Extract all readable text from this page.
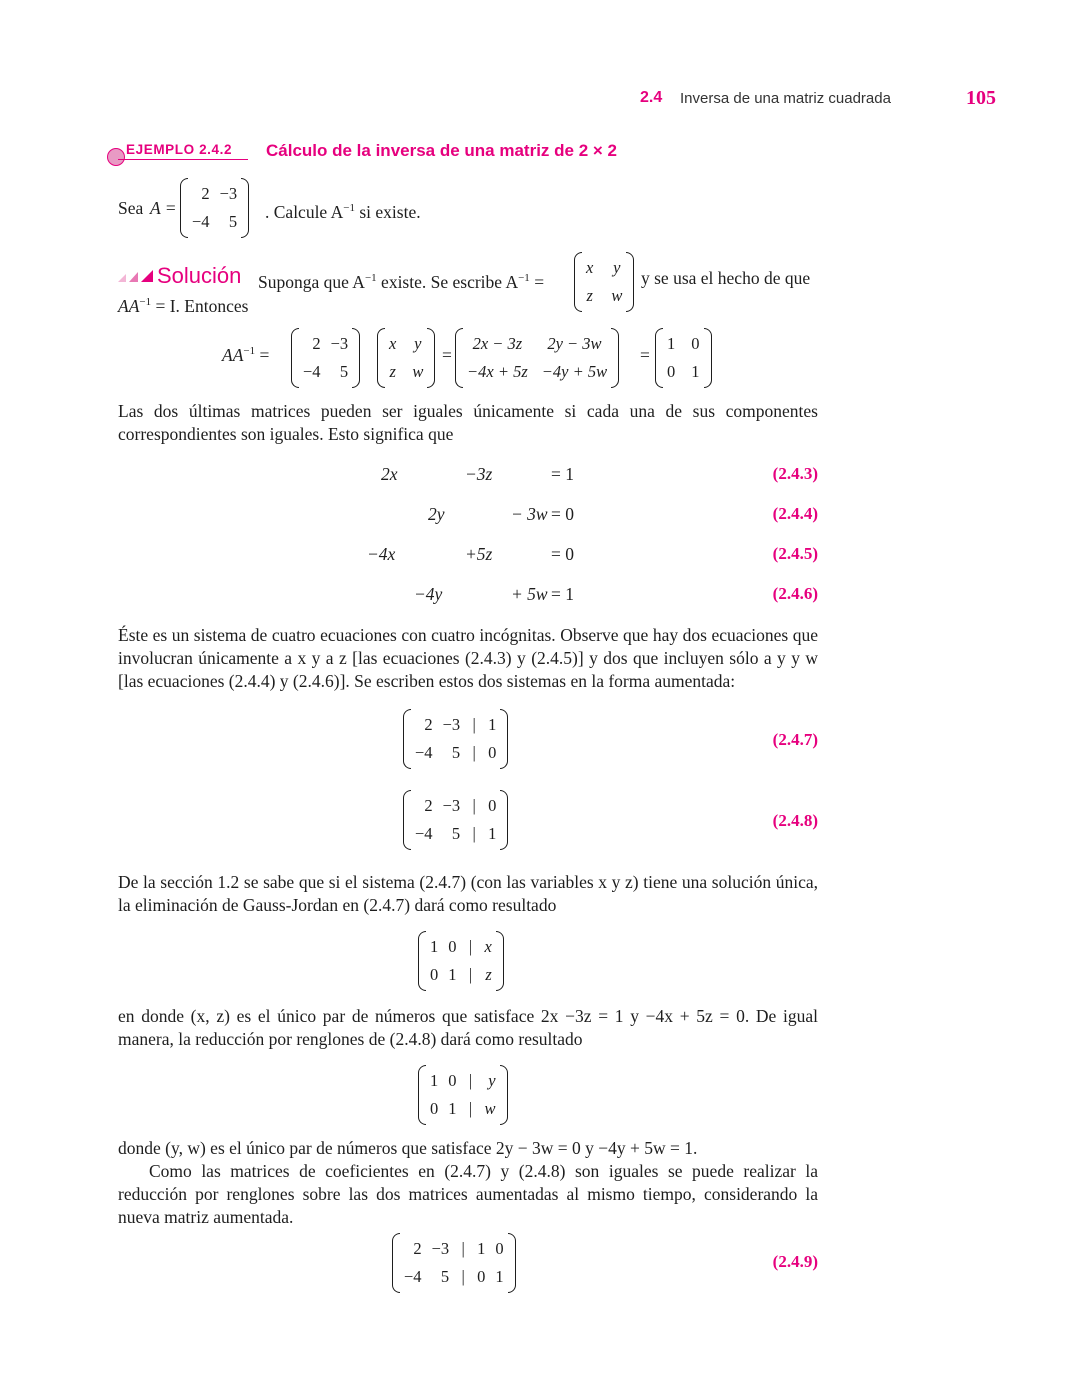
2.4 Inversa de una matriz cuadrada	105
EJEMPLO 2.4.2 Cálculo de la inversa de una matriz de 2 × 2
Sea A =
2 −3
−4	5 . Calcule $A^{-1}$ si existe.
Solución Suponga que $A^{-1}$ existe. Se escribe $A^{-1}$ =
x y
z w
y se usa el hecho de que
$AA^{-1} = I$. Entonces
$AA^{-1}$ =
2 −3
−4	5
x y
z w
=
2x − 3z	2y − 3w
−4x + 5z −4y + 5w
=
1 0
0 1
Las dos últimas matrices pueden ser iguales únicamente si cada una de sus componentes correspondientes son iguales. Esto significa que
2x	−3z	= 1	(2.4.3)
2y	− 3w = 0	(2.4.4)
−4x	+5z	= 0	(2.4.5)
−4y	+ 5w = 1	(2.4.6)
Éste es un sistema de cuatro ecuaciones con cuatro incógnitas. Observe que hay dos ecuaciones que involucran únicamente a x y a z [las ecuaciones (2.4.3) y (2.4.5)] y dos que incluyen sólo a y y w [las ecuaciones (2.4.4) y (2.4.6)]. Se escriben estos dos sistemas en la forma aumentada:
2 −3 | 1
−4	5 | 0
(2.4.7)
2 −3 | 0
−4	5 | 1
(2.4.8)
De la sección 1.2 se sabe que si el sistema (2.4.7) (con las variables x y z) tiene una solución única, la eliminación de Gauss-Jordan en (2.4.7) dará como resultado
1 0 | x
0 1 | z
en donde (x, z) es el único par de números que satisface 2x −3z = 1 y −4x + 5z = 0. De igual manera, la reducción por renglones de (2.4.8) dará como resultado
1 0 | y
0 1 | w
donde (y, w) es el único par de números que satisface 2y − 3w = 0 y −4y + 5w = 1.
Como las matrices de coeficientes en (2.4.7) y (2.4.8) son iguales se puede realizar la reducción por renglones sobre las dos matrices aumentadas al mismo tiempo, considerando la nueva matriz aumentada.
2 −3 | 1 0
−4	5 | 0 1
(2.4.9)
